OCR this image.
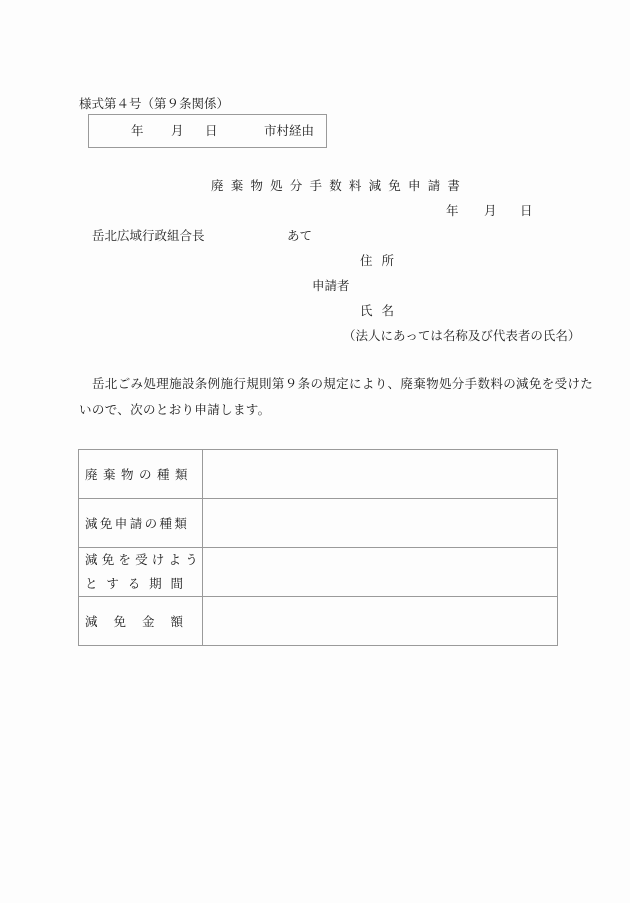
様式第４号（第９条関係）
年 月 日	市村経由
廃棄物処分手数料減免申請書
年 月 日
岳北広域行政組合長	あて
住所
申請者
氏名
（法人にあっては名称及び代表者の氏名）
岳北ごみ処理施設条例施行規則第９条の規定により、廃棄物処分手数料の減免を受けた
いので、次のとおり申請します。
廃棄物の種類	
減免申請の種類	

減免を受けよう
と す る 期 間

減 免 金 額	
